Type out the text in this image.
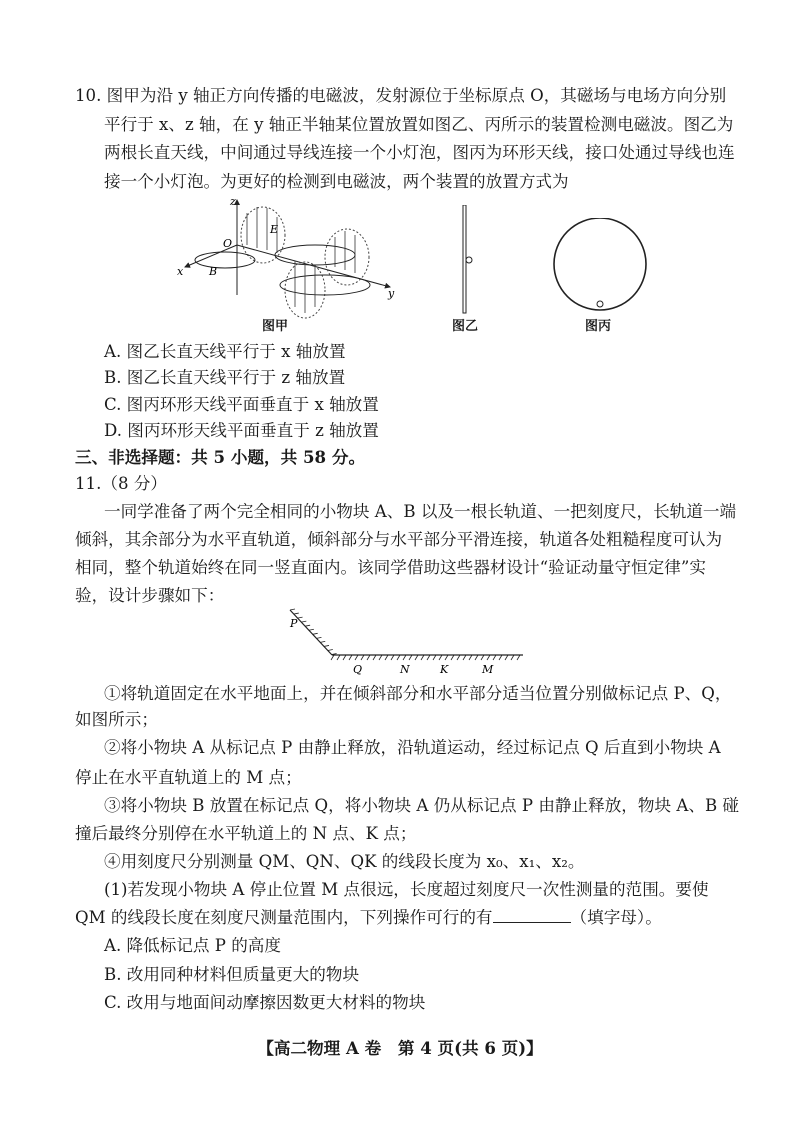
10. 图甲为沿 y 轴正方向传播的电磁波，发射源位于坐标原点 O，其磁场与电场方向分别
平行于 x、z 轴，在 y 轴正半轴某位置放置如图乙、丙所示的装置检测电磁波。图乙为
两根长直天线，中间通过导线连接一个小灯泡，图丙为环形天线，接口处通过导线也连
接一个小灯泡。为更好的检测到电磁波，两个装置的放置方式为
z
x
y
O
E
B
图甲	图乙	图丙
A. 图乙长直天线平行于 x 轴放置
B. 图乙长直天线平行于 z 轴放置
C. 图丙环形天线平面垂直于 x 轴放置
D. 图丙环形天线平面垂直于 z 轴放置
三、非选择题：共 5 小题，共 58 分。
11.（8 分）
一同学准备了两个完全相同的小物块 A、B 以及一根长轨道、一把刻度尺，长轨道一端
倾斜，其余部分为水平直轨道，倾斜部分与水平部分平滑连接，轨道各处粗糙程度可认为
相同，整个轨道始终在同一竖直面内。该同学借助这些器材设计“验证动量守恒定律”实
验，设计步骤如下：
P
Q	N	K	M
①将轨道固定在水平地面上，并在倾斜部分和水平部分适当位置分别做标记点 P、Q，
如图所示；
②将小物块 A 从标记点 P 由静止释放，沿轨道运动，经过标记点 Q 后直到小物块 A
停止在水平直轨道上的 M 点；
③将小物块 B 放置在标记点 Q，将小物块 A 仍从标记点 P 由静止释放，物块 A、B 碰
撞后最终分别停在水平轨道上的 N 点、K 点；
④用刻度尺分别测量 QM、QN、QK 的线段长度为 x₀、x₁、x₂。
(1)若发现小物块 A 停止位置 M 点很远，长度超过刻度尺一次性测量的范围。要使
QM 的线段长度在刻度尺测量范围内，下列操作可行的有	（填字母）。
A. 降低标记点 P 的高度
B. 改用同种材料但质量更大的物块
C. 改用与地面间动摩擦因数更大材料的物块
【高二物理 A 卷　第 4 页(共 6 页)】
